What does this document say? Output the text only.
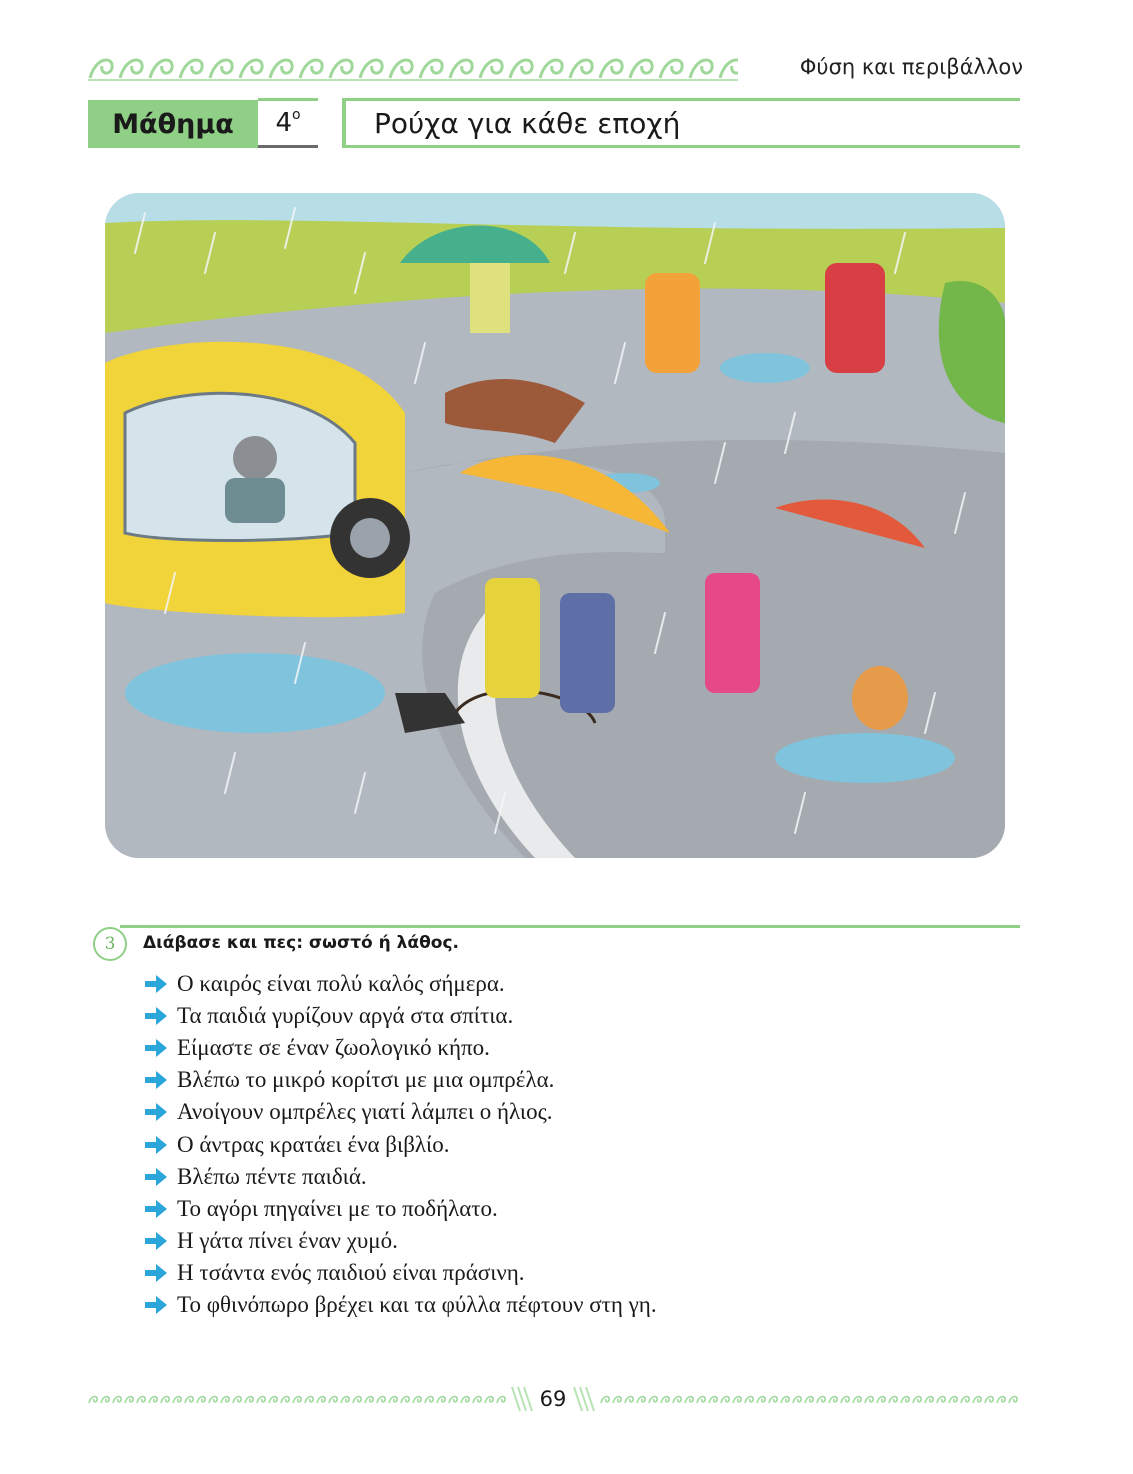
Φύση και περιβάλλον
Μάθημα	$4^o$	Ρούχα για κάθε εποχή
3	Διάβασε και πες: σωστό ή λάθος.
Ο καιρός είναι πολύ καλός σήμερα.
Τα παιδιά γυρίζουν αργά στα σπίτια.
Είμαστε σε έναν ζωολογικό κήπο.
Βλέπω το μικρό κορίτσι με μια ομπρέλα.
Ανοίγουν ομπρέλες γιατί λάμπει ο ήλιος.
Ο άντρας κρατάει ένα βιβλίο.
Βλέπω πέντε παιδιά.
Το αγόρι πηγαίνει με το ποδήλατο.
Η γάτα πίνει έναν χυμό.
Η τσάντα ενός παιδιού είναι πράσινη.
Το φθινόπωρο βρέχει και τα φύλλα πέφτουν στη γη.
69
